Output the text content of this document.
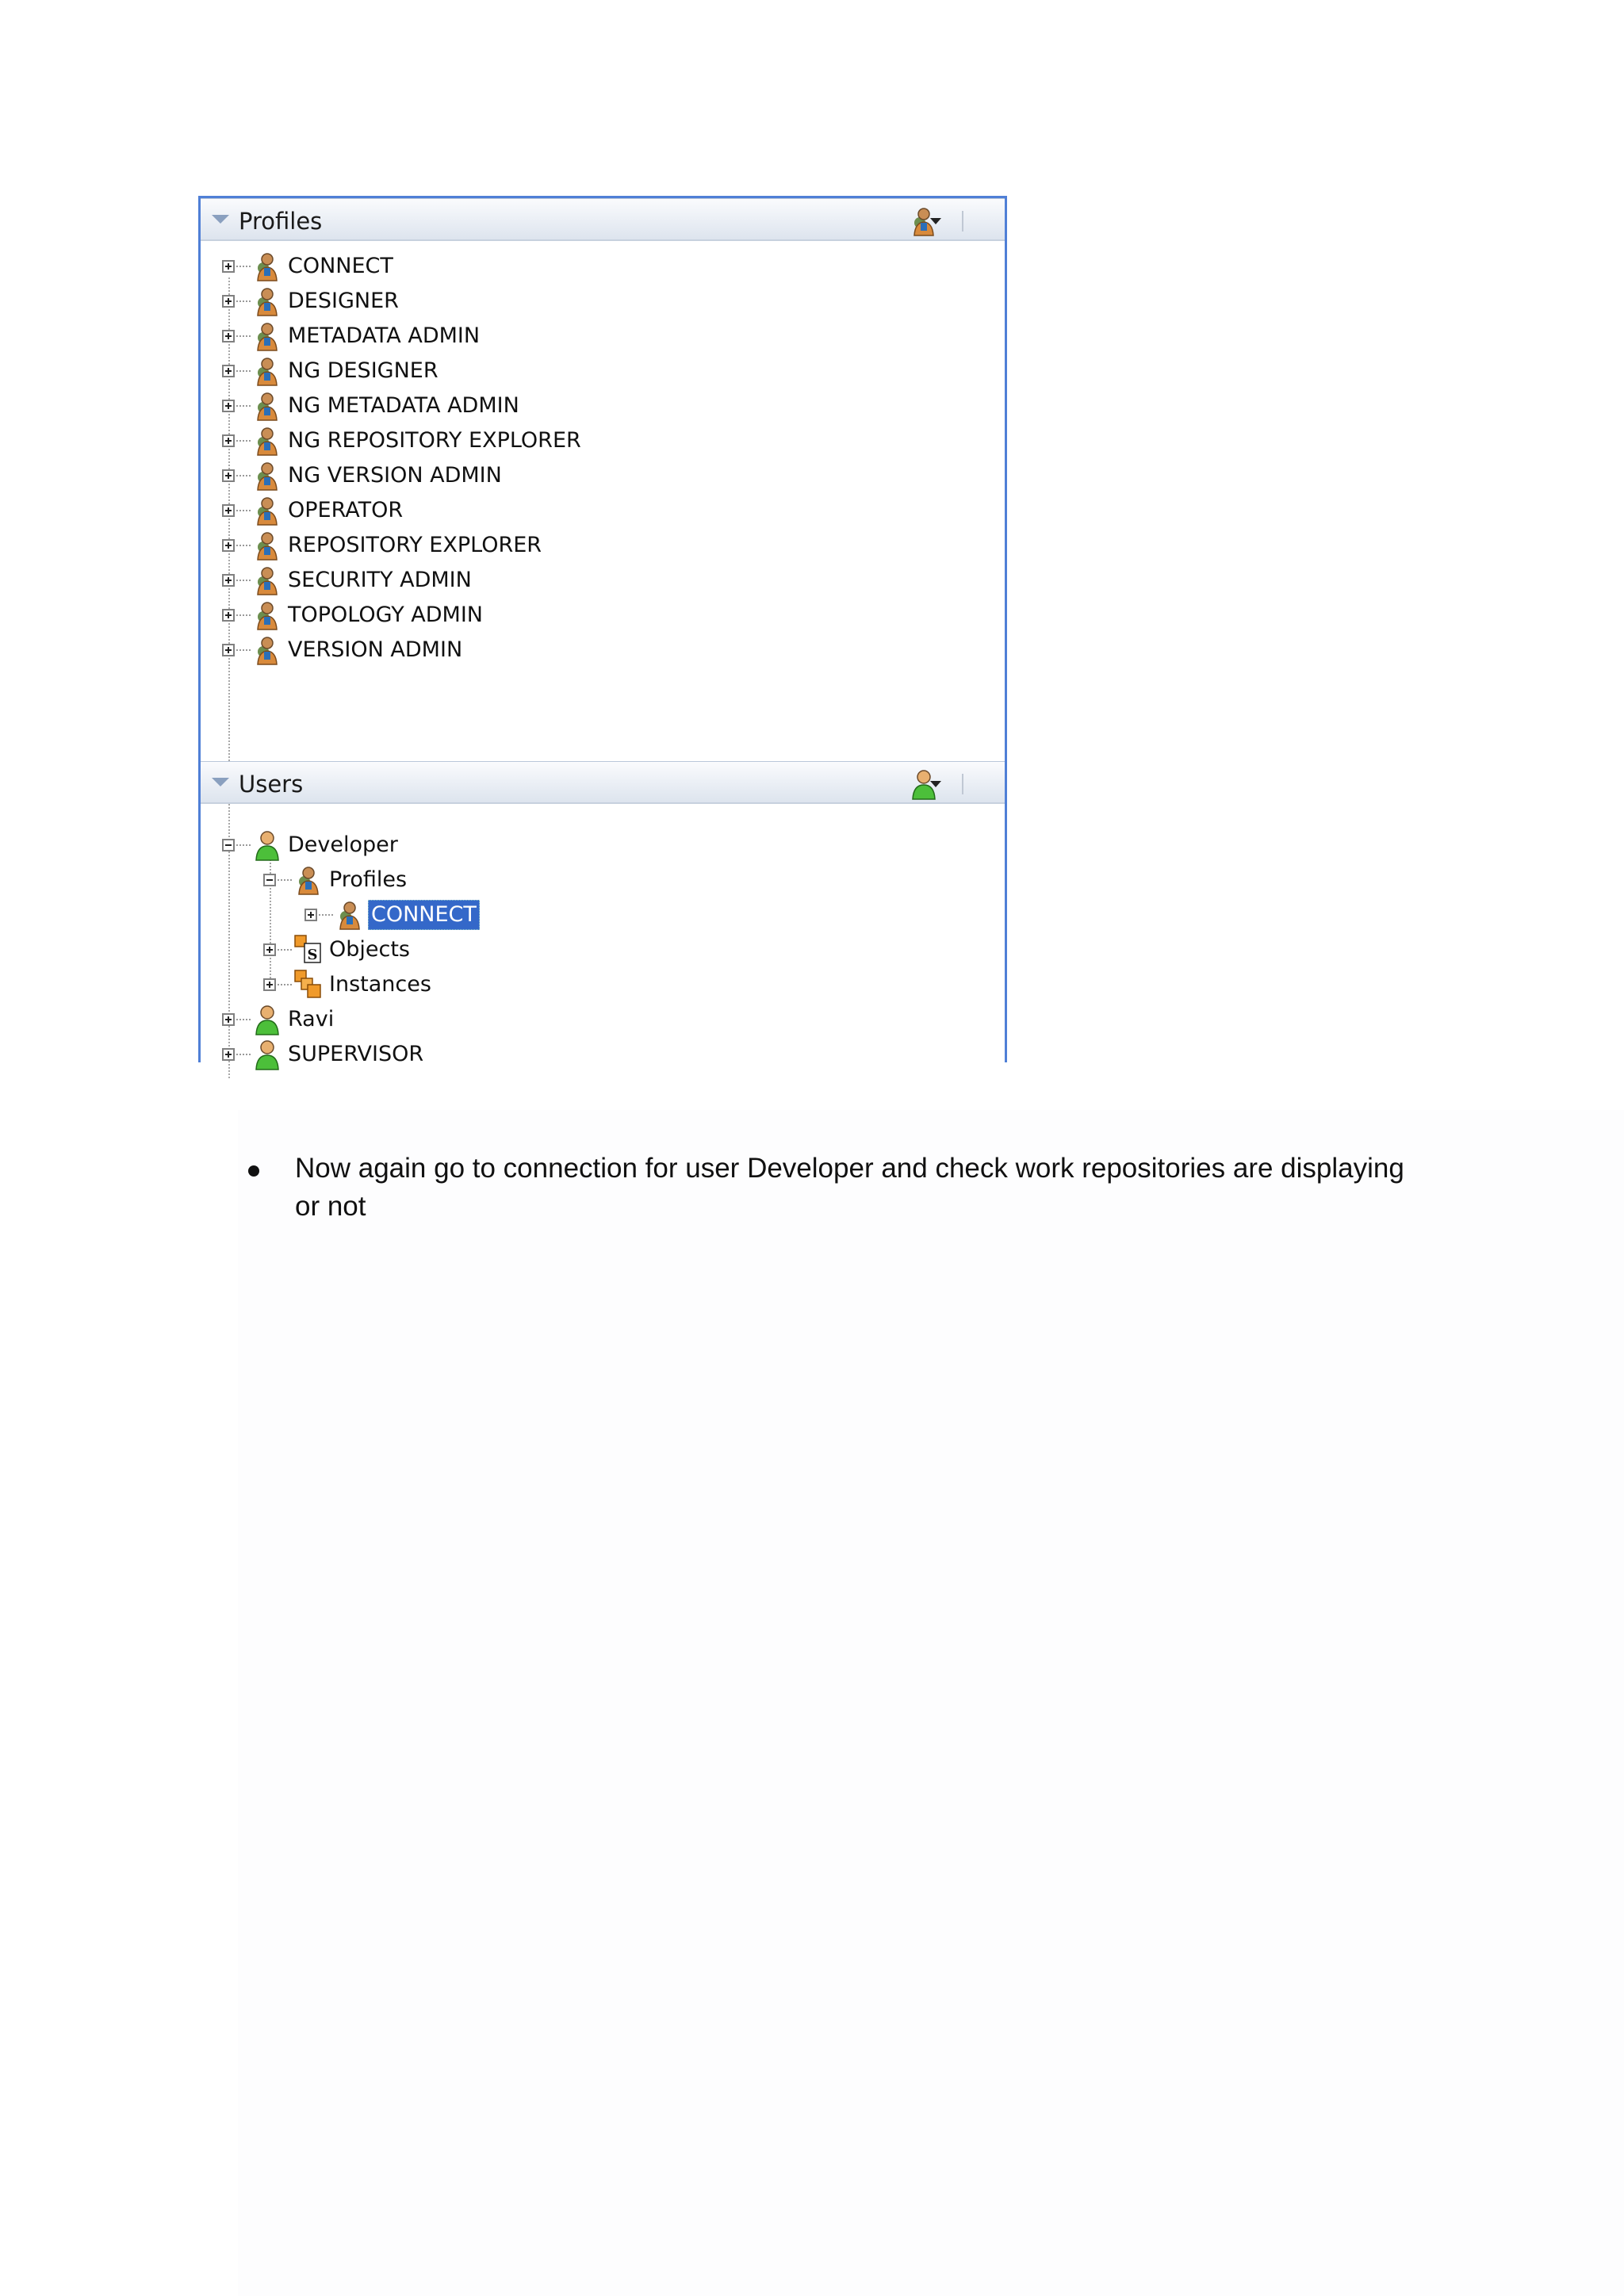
Profiles
Users
Developer
Profiles
CONNECT
Objects
Instances
Ravi
SUPERVISOR
CONNECT
DESIGNER
METADATA ADMIN
NG DESIGNER
NG METADATA ADMIN
NG REPOSITORY EXPLORER
NG VERSION ADMIN
OPERATOR
REPOSITORY EXPLORER
SECURITY ADMIN
TOPOLOGY ADMIN
VERSION ADMIN
Now again go to connection for user Developer and check work repositories are displaying or not
